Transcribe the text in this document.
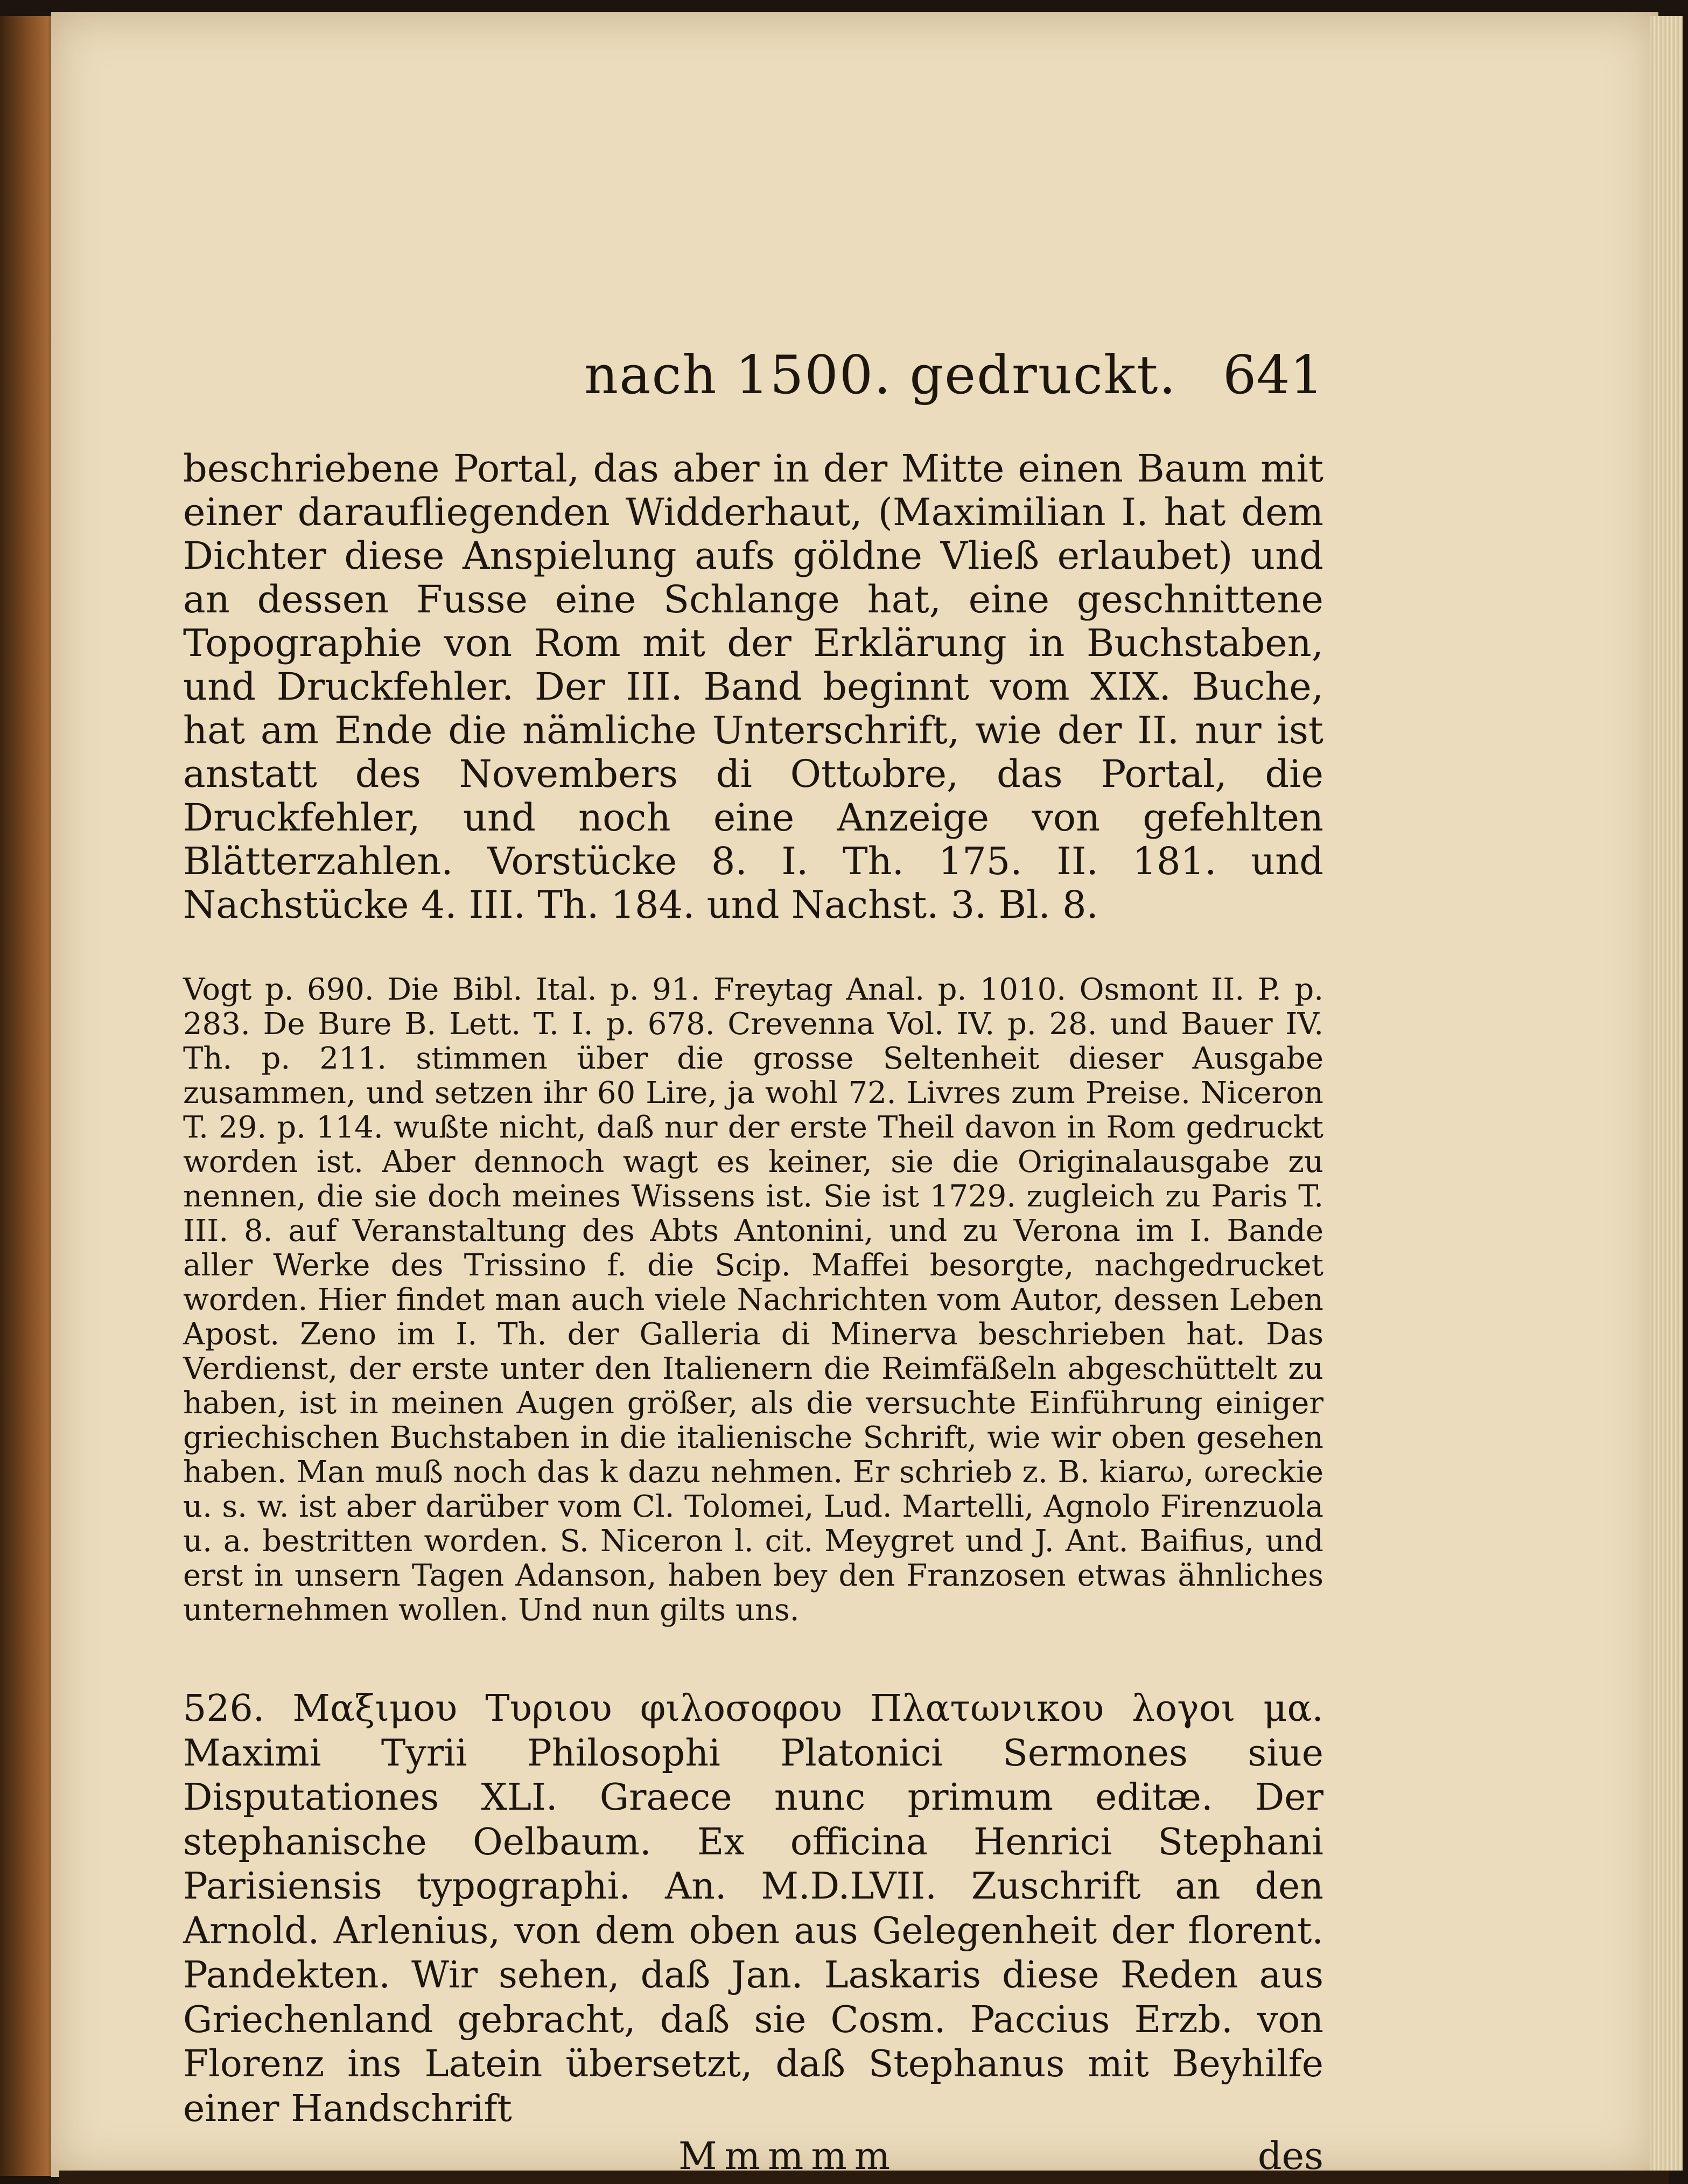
nach 1500. gedruckt. 641
beschriebene Portal, das aber in der Mitte einen Baum mit einer daraufliegenden Widderhaut, (Maximilian I. hat dem Dichter diese Anspielung aufs göldne Vließ erlaubet) und an dessen Fusse eine Schlange hat, eine geschnittene Topographie von Rom mit der Erklärung in Buchstaben, und Druckfehler. Der III. Band beginnt vom XIX. Buche, hat am Ende die nämliche Unterschrift, wie der II. nur ist anstatt des Novembers di Ottωbre, das Portal, die Druckfehler, und noch eine Anzeige von gefehlten Blätterzahlen. Vorstücke 8. I. Th. 175. II. 181. und Nachstücke 4. III. Th. 184. und Nachst. 3. Bl. 8.
Vogt p. 690. Die Bibl. Ital. p. 91. Freytag Anal. p. 1010. Osmont II. P. p. 283. De Bure B. Lett. T. I. p. 678. Crevenna Vol. IV. p. 28. und Bauer IV. Th. p. 211. stimmen über die grosse Seltenheit dieser Ausgabe zusammen, und setzen ihr 60 Lire, ja wohl 72. Livres zum Preise. Niceron T. 29. p. 114. wußte nicht, daß nur der erste Theil davon in Rom gedruckt worden ist. Aber dennoch wagt es keiner, sie die Originalausgabe zu nennen, die sie doch meines Wissens ist. Sie ist 1729. zugleich zu Paris T. III. 8. auf Veranstaltung des Abts Antonini, und zu Verona im I. Bande aller Werke des Trissino f. die Scip. Maffei besorgte, nachgedrucket worden. Hier findet man auch viele Nachrichten vom Autor, dessen Leben Apost. Zeno im I. Th. der Galleria di Minerva beschrieben hat. Das Verdienst, der erste unter den Italienern die Reimfäßeln abgeschüttelt zu haben, ist in meinen Augen größer, als die versuchte Einführung einiger griechischen Buchstaben in die italienische Schrift, wie wir oben gesehen haben. Man muß noch das k dazu nehmen. Er schrieb z. B. kiarω, ωreckie u. s. w. ist aber darüber vom Cl. Tolomei, Lud. Martelli, Agnolo Firenzuola u. a. bestritten worden. S. Niceron l. cit. Meygret und J. Ant. Baifius, und erst in unsern Tagen Adanson, haben bey den Franzosen etwas ähnliches unternehmen wollen. Und nun gilts uns.
526. Μαξιμου Τυριου φιλοσοφου Πλατωνικου λογοι μα. Maximi Tyrii Philosophi Platonici Sermones siue Disputationes XLI. Graece nunc primum editæ. Der stephanische Oelbaum. Ex officina Henrici Stephani Parisiensis typographi. An. M.D.LVII. Zuschrift an den Arnold. Arlenius, von dem oben aus Gelegenheit der florent. Pandekten. Wir sehen, daß Jan. Laskaris diese Reden aus Griechenland gebracht, daß sie Cosm. Paccius Erzb. von Florenz ins Latein übersetzt, daß Stephanus mit Beyhilfe einer Handschrift
Mmmmm	des
